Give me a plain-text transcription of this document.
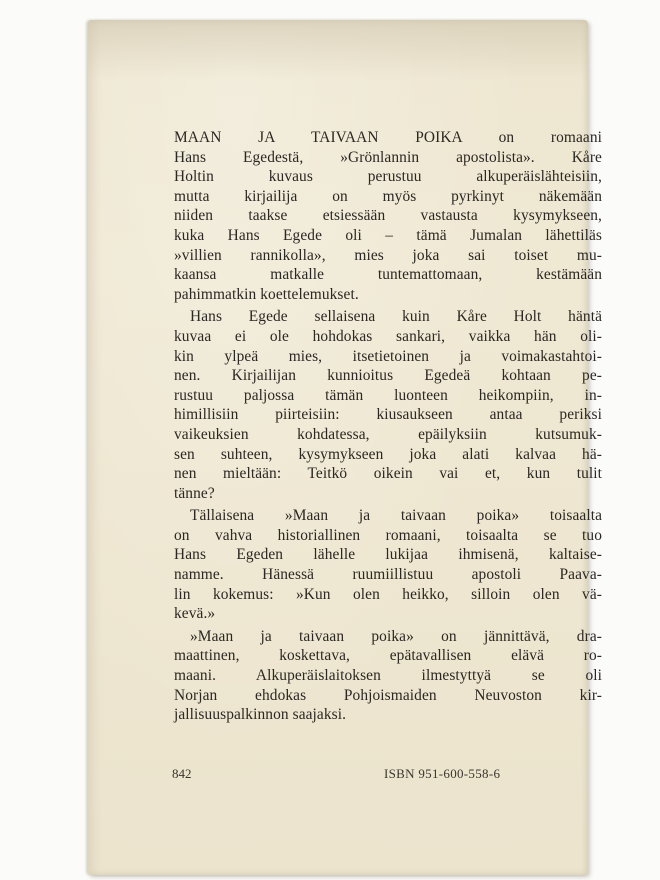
MAAN JA TAIVAAN POIKA on romaani
Hans Egedestä, »Grönlannin apostolista». Kåre
Holtin kuvaus perustuu alkuperäislähteisiin,
mutta kirjailija on myös pyrkinyt näkemään
niiden taakse etsiessään vastausta kysymykseen,
kuka Hans Egede oli – tämä Jumalan lähettiläs
»villien rannikolla», mies joka sai toiset mu-
kaansa matkalle tuntemattomaan, kestämään
pahimmatkin koettelemukset.
Hans Egede sellaisena kuin Kåre Holt häntä
kuvaa ei ole hohdokas sankari, vaikka hän oli-
kin ylpeä mies, itsetietoinen ja voimakastahtoi-
nen. Kirjailijan kunnioitus Egedeä kohtaan pe-
rustuu paljossa tämän luonteen heikompiin, in-
himillisiin piirteisiin: kiusaukseen antaa periksi
vaikeuksien kohdatessa, epäilyksiin kutsumuk-
sen suhteen, kysymykseen joka alati kalvaa hä-
nen mieltään: Teitkö oikein vai et, kun tulit
tänne?
Tällaisena »Maan ja taivaan poika» toisaalta
on vahva historiallinen romaani, toisaalta se tuo
Hans Egeden lähelle lukijaa ihmisenä, kaltaise-
namme. Hänessä ruumiillistuu apostoli Paava-
lin kokemus: »Kun olen heikko, silloin olen vä-
kevä.»
»Maan ja taivaan poika» on jännittävä, dra-
maattinen, koskettava, epätavallisen elävä ro-
maani. Alkuperäislaitoksen ilmestyttyä se oli
Norjan ehdokas Pohjoismaiden Neuvoston kir-
jallisuuspalkinnon saajaksi.
842	ISBN 951-600-558-6
